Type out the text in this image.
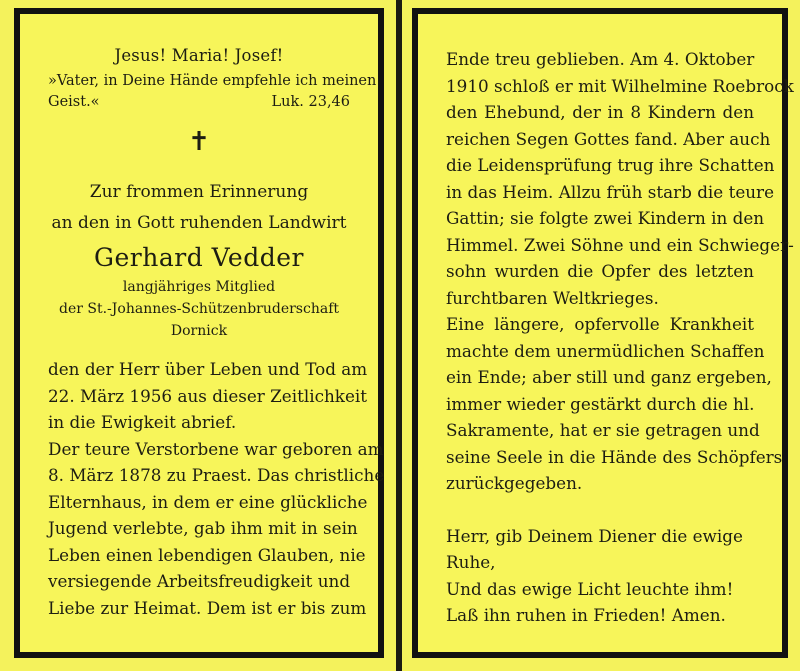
Jesus! Maria! Josef!
»Vater, in Deine Hände empfehle ich meinen
Geist.«	Luk. 23,46
✝
Zur frommen Erinnerung
an den in Gott ruhenden Landwirt
Gerhard Vedder
langjähriges Mitglied
der St.-Johannes-Schützenbruderschaft Dornick
den der Herr über Leben und Tod am
22. März 1956 aus dieser Zeitlichkeit
in die Ewigkeit abrief.
Der teure Verstorbene war geboren am
8. März 1878 zu Praest. Das christliche
Elternhaus, in dem er eine glückliche
Jugend verlebte, gab ihm mit in sein
Leben einen lebendigen Glauben, nie
versiegende Arbeitsfreudigkeit und
Liebe zur Heimat. Dem ist er bis zum
Ende treu geblieben. Am 4. Oktober
1910 schloß er mit Wilhelmine Roebrock
den Ehebund, der in 8 Kindern den
reichen Segen Gottes fand. Aber auch
die Leidensprüfung trug ihre Schatten
in das Heim. Allzu früh starb die teure
Gattin; sie folgte zwei Kindern in den
Himmel. Zwei Söhne und ein Schwieger-
sohn wurden die Opfer des letzten
furchtbaren Weltkrieges.
Eine längere, opfervolle Krankheit
machte dem unermüdlichen Schaffen
ein Ende; aber still und ganz ergeben,
immer wieder gestärkt durch die hl.
Sakramente, hat er sie getragen und
seine Seele in die Hände des Schöpfers
zurückgegeben.
Herr, gib Deinem Diener die ewige Ruhe,
Und das ewige Licht leuchte ihm!
Laß ihn ruhen in Frieden! Amen.
